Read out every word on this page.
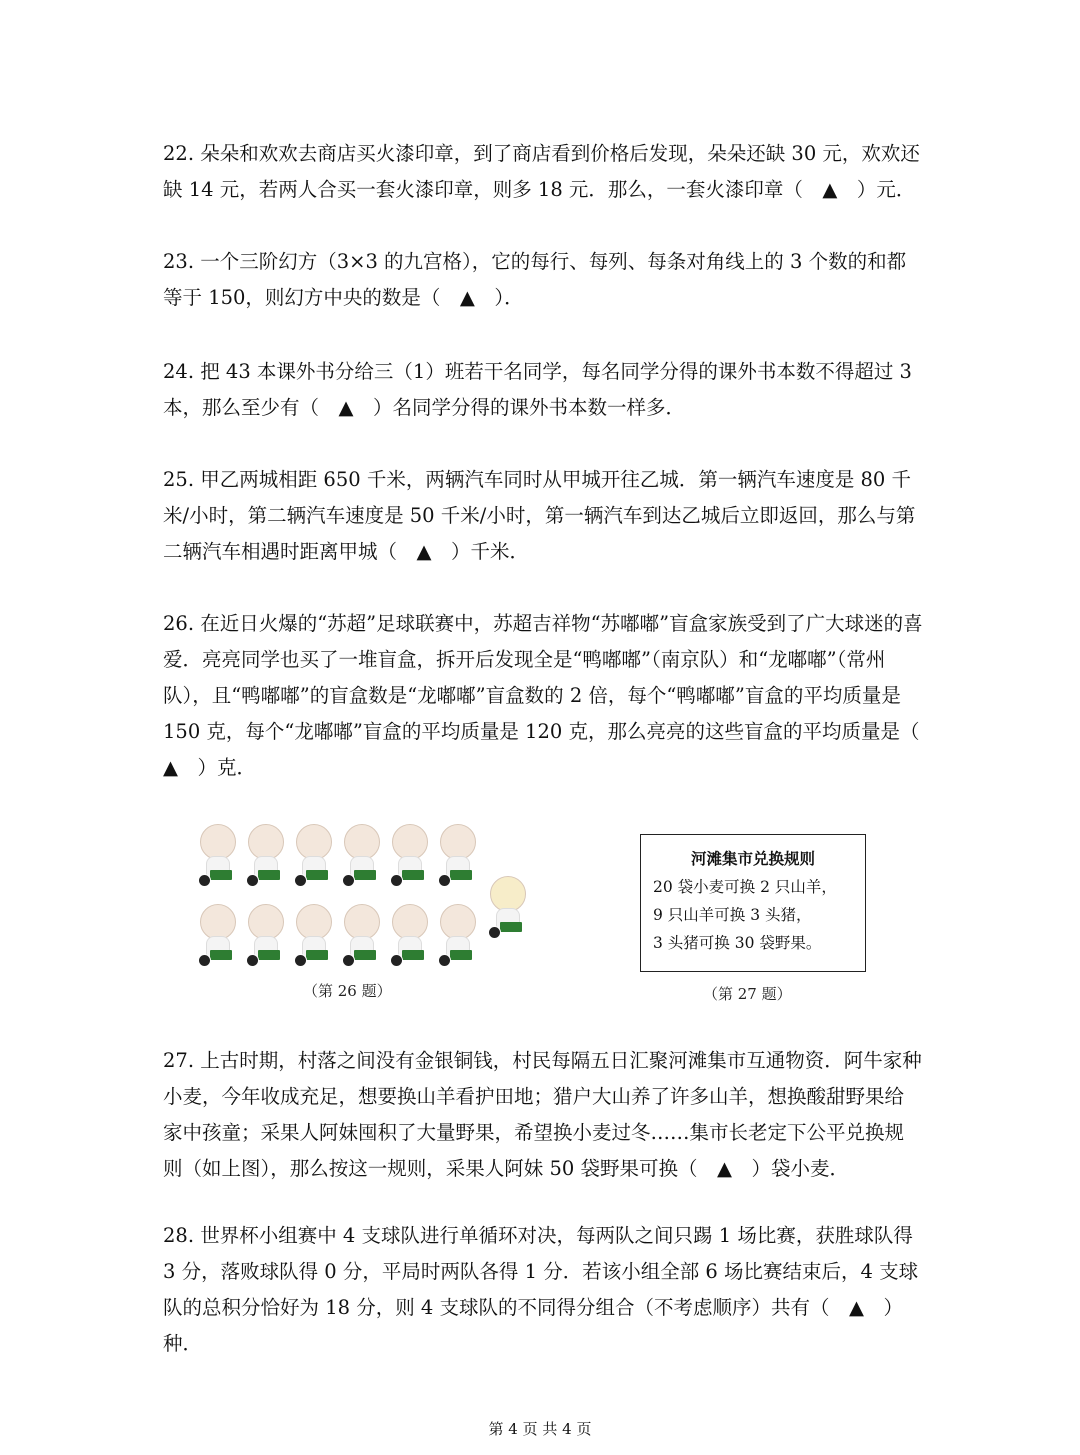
22. 朵朵和欢欢去商店买火漆印章，到了商店看到价格后发现，朵朵还缺 30 元，欢欢还缺 14 元，若两人合买一套火漆印章，则多 18 元．那么，一套火漆印章（　▲　）元．

23. 一个三阶幻方（3×3 的九宫格），它的每行、每列、每条对角线上的 3 个数的和都等于 150，则幻方中央的数是（　▲　）．

24. 把 43 本课外书分给三（1）班若干名同学，每名同学分得的课外书本数不得超过 3 本，那么至少有（　▲　）名同学分得的课外书本数一样多．

25. 甲乙两城相距 650 千米，两辆汽车同时从甲城开往乙城．第一辆汽车速度是 80 千米/小时，第二辆汽车速度是 50 千米/小时，第一辆汽车到达乙城后立即返回，那么与第二辆汽车相遇时距离甲城（　▲　）千米．

26. 在近日火爆的“苏超”足球联赛中，苏超吉祥物“苏嘟嘟”盲盒家族受到了广大球迷的喜爱．亮亮同学也买了一堆盲盒，拆开后发现全是“鸭嘟嘟”（南京队）和“龙嘟嘟”（常州队），且“鸭嘟嘟”的盲盒数是“龙嘟嘟”盲盒数的 2 倍，每个“鸭嘟嘟”盲盒的平均质量是 150 克，每个“龙嘟嘟”盲盒的平均质量是 120 克，那么亮亮的这些盲盒的平均质量是（　▲　）克．

（第 26 题）

河滩集市兑换规则
20 袋小麦可换 2 只山羊，
9 只山羊可换 3 头猪，
3 头猪可换 30 袋野果。

（第 27 题）

27. 上古时期，村落之间没有金银铜钱，村民每隔五日汇聚河滩集市互通物资．阿牛家种小麦，今年收成充足，想要换山羊看护田地；猎户大山养了许多山羊，想换酸甜野果给家中孩童；采果人阿妹囤积了大量野果，希望换小麦过冬……集市长老定下公平兑换规则（如上图），那么按这一规则，采果人阿妹 50 袋野果可换（　▲　）袋小麦．

28. 世界杯小组赛中 4 支球队进行单循环对决，每两队之间只踢 1 场比赛，获胜球队得 3 分，落败球队得 0 分，平局时两队各得 1 分．若该小组全部 6 场比赛结束后，4 支球队的总积分恰好为 18 分，则 4 支球队的不同得分组合（不考虑顺序）共有（　▲　）种．

第 4 页 共 4 页
